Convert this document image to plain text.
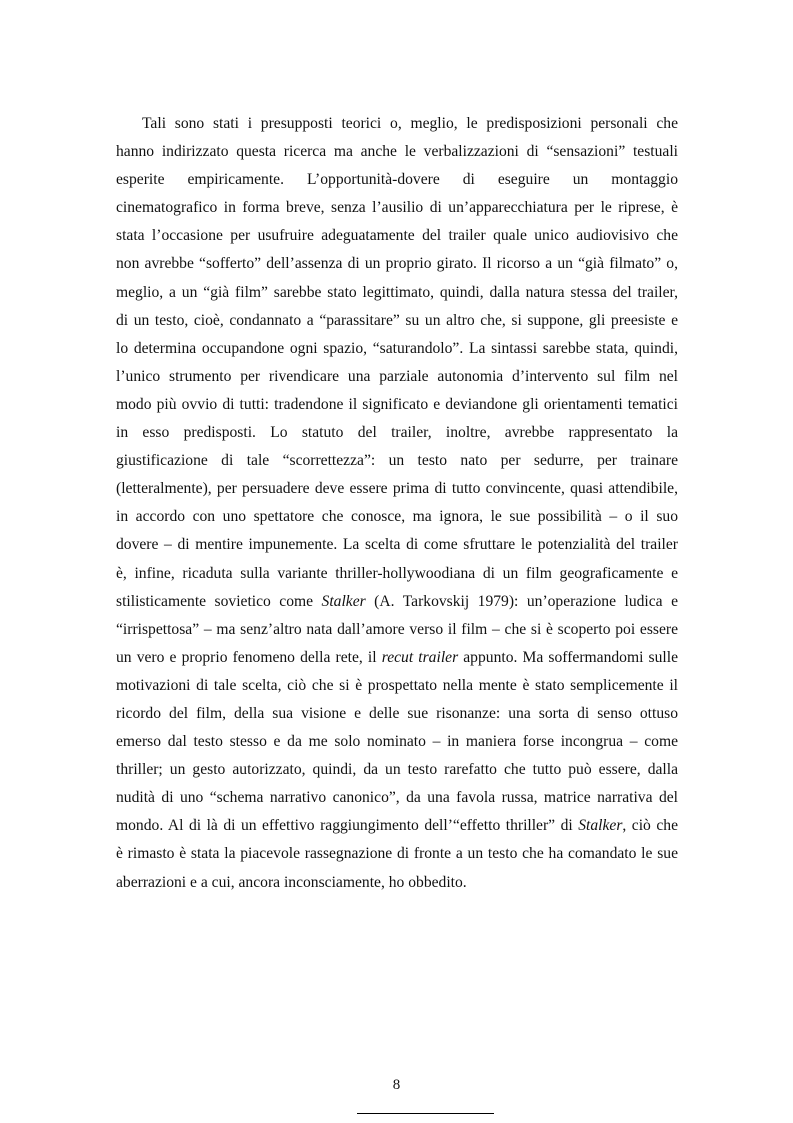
Tali sono stati i presupposti teorici o, meglio, le predisposizioni personali che
hanno indirizzato questa ricerca ma anche le verbalizzazioni di “sensazioni” testuali
esperite empiricamente. L’opportunità-dovere di eseguire un montaggio
cinematografico in forma breve, senza l’ausilio di un’apparecchiatura per le riprese, è
stata l’occasione per usufruire adeguatamente del trailer quale unico audiovisivo che
non avrebbe “sofferto” dell’assenza di un proprio girato. Il ricorso a un “già filmato” o,
meglio, a un “già film” sarebbe stato legittimato, quindi, dalla natura stessa del trailer,
di un testo, cioè, condannato a “parassitare” su un altro che, si suppone, gli preesiste e
lo determina occupandone ogni spazio, “saturandolo”. La sintassi sarebbe stata, quindi,
l’unico strumento per rivendicare una parziale autonomia d’intervento sul film nel
modo più ovvio di tutti: tradendone il significato e deviandone gli orientamenti tematici
in esso predisposti. Lo statuto del trailer, inoltre, avrebbe rappresentato la
giustificazione di tale “scorrettezza”: un testo nato per sedurre, per trainare
(letteralmente), per persuadere deve essere prima di tutto convincente, quasi attendibile,
in accordo con uno spettatore che conosce, ma ignora, le sue possibilità – o il suo
dovere – di mentire impunemente. La scelta di come sfruttare le potenzialità del trailer
è, infine, ricaduta sulla variante thriller-hollywoodiana di un film geograficamente e
stilisticamente sovietico come Stalker (A. Tarkovskij 1979): un’operazione ludica e
“irrispettosa” – ma senz’altro nata dall’amore verso il film – che si è scoperto poi essere
un vero e proprio fenomeno della rete, il recut trailer appunto. Ma soffermandomi sulle
motivazioni di tale scelta, ciò che si è prospettato nella mente è stato semplicemente il
ricordo del film, della sua visione e delle sue risonanze: una sorta di senso ottuso
emerso dal testo stesso e da me solo nominato – in maniera forse incongrua – come
thriller; un gesto autorizzato, quindi, da un testo rarefatto che tutto può essere, dalla
nudità di uno “schema narrativo canonico”, da una favola russa, matrice narrativa del
mondo. Al di là di un effettivo raggiungimento dell’“effetto thriller” di Stalker, ciò che
è rimasto è stata la piacevole rassegnazione di fronte a un testo che ha comandato le sue
aberrazioni e a cui, ancora inconsciamente, ho obbedito.
8
